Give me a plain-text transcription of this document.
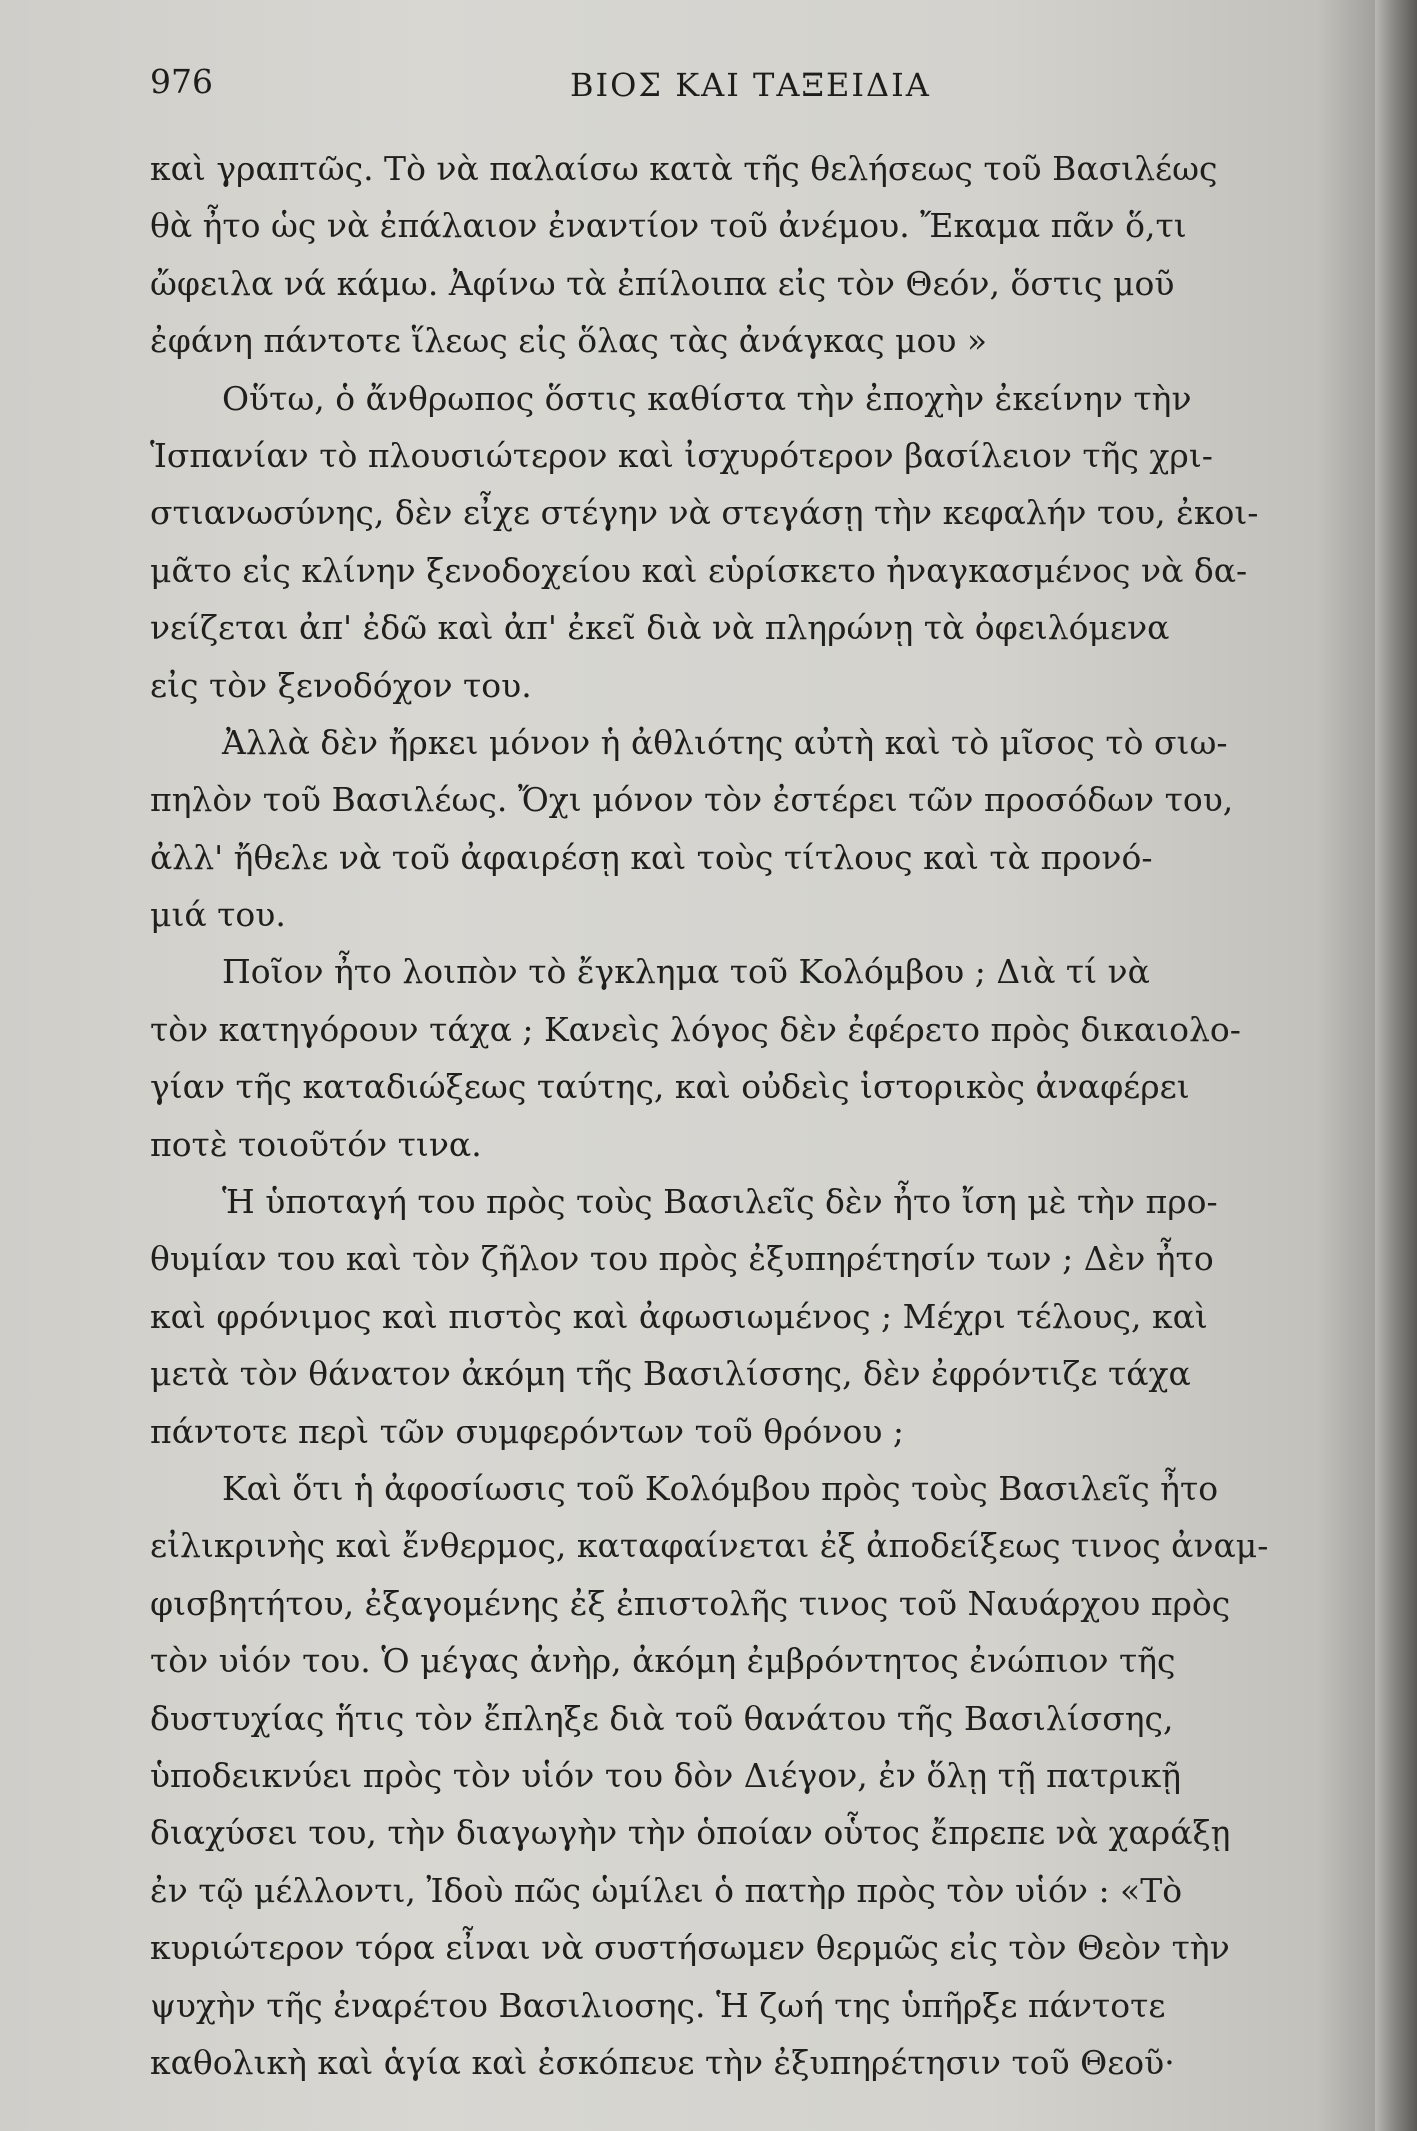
976	ΒΙΟΣ ΚΑΙ ΤΑΞΕΙΔΙΑ
καὶ γραπτῶς. Τὸ νὰ παλαίσω κατὰ τῆς θελήσεως τοῦ Βασιλέως
θὰ ἦτο ὡς νὰ ἐπάλαιον ἐναντίον τοῦ ἀνέμου. Ἔκαμα πᾶν ὅ,τι
ὤφειλα νά κάμω. Ἀφίνω τὰ ἐπίλοιπα εἰς τὸν Θεόν, ὅστις μοῦ
ἐφάνη πάντοτε ἵλεως εἰς ὅλας τὰς ἀνάγκας μου »
Οὕτω, ὁ ἄνθρωπος ὅστις καθίστα τὴν ἐποχὴν ἐκείνην τὴν
Ἱσπανίαν τὸ πλουσιώτερον καὶ ἰσχυρότερον βασίλειον τῆς χρι-
στιανωσύνης, δὲν εἶχε στέγην νὰ στεγάσῃ τὴν κεφαλήν του, ἐκοι-
μᾶτο εἰς κλίνην ξενοδοχείου καὶ εὑρίσκετο ἠναγκασμένος νὰ δα-
νείζεται ἀπ' ἐδῶ καὶ ἀπ' ἐκεῖ διὰ νὰ πληρώνῃ τὰ ὀφειλόμενα
εἰς τὸν ξενοδόχον του.
Ἀλλὰ δὲν ἤρκει μόνον ἡ ἀθλιότης αὐτὴ καὶ τὸ μῖσος τὸ σιω-
πηλὸν τοῦ Βασιλέως. Ὄχι μόνον τὸν ἐστέρει τῶν προσόδων του,
ἀλλ' ἤθελε νὰ τοῦ ἀφαιρέσῃ καὶ τοὺς τίτλους καὶ τὰ προνό-
μιά του.
Ποῖον ἦτο λοιπὸν τὸ ἔγκλημα τοῦ Κολόμβου ; Διὰ τί νὰ
τὸν κατηγόρουν τάχα ; Κανεὶς λόγος δὲν ἐφέρετο πρὸς δικαιολο-
γίαν τῆς καταδιώξεως ταύτης, καὶ οὐδεὶς ἱστορικὸς ἀναφέρει
ποτὲ τοιοῦτόν τινα.
Ἡ ὑποταγή του πρὸς τοὺς Βασιλεῖς δὲν ἦτο ἴση μὲ τὴν προ-
θυμίαν του καὶ τὸν ζῆλον του πρὸς ἐξυπηρέτησίν των ; Δὲν ἦτο
καὶ φρόνιμος καὶ πιστὸς καὶ ἀφωσιωμένος ; Μέχρι τέλους, καὶ
μετὰ τὸν θάνατον ἀκόμη τῆς Βασιλίσσης, δὲν ἐφρόντιζε τάχα
πάντοτε περὶ τῶν συμφερόντων τοῦ θρόνου ;
Καὶ ὅτι ἡ ἀφοσίωσις τοῦ Κολόμβου πρὸς τοὺς Βασιλεῖς ἦτο
εἰλικρινὴς καὶ ἔνθερμος, καταφαίνεται ἐξ ἀποδείξεως τινος ἀναμ-
φισβητήτου, ἐξαγομένης ἐξ ἐπιστολῆς τινος τοῦ Ναυάρχου πρὸς
τὸν υἱόν του. Ὁ μέγας ἀνὴρ, ἀκόμη ἐμβρόντητος ἐνώπιον τῆς
δυστυχίας ἥτις τὸν ἔπληξε διὰ τοῦ θανάτου τῆς Βασιλίσσης,
ὑποδεικνύει πρὸς τὸν υἱόν του δὸν Διέγον, ἐν ὅλῃ τῇ πατρικῇ
διαχύσει του, τὴν διαγωγὴν τὴν ὁποίαν οὗτος ἔπρεπε νὰ χαράξῃ
ἐν τῷ μέλλοντι, Ἰδοὺ πῶς ὡμίλει ὁ πατὴρ πρὸς τὸν υἱόν : «Τὸ
κυριώτερον τόρα εἶναι νὰ συστήσωμεν θερμῶς εἰς τὸν Θεὸν τὴν
ψυχὴν τῆς ἐναρέτου Βασιλιοσης. Ἡ ζωή της ὑπῆρξε πάντοτε
καθολικὴ καὶ ἁγία καὶ ἐσκόπευε τὴν ἐξυπηρέτησιν τοῦ Θεοῦ·
